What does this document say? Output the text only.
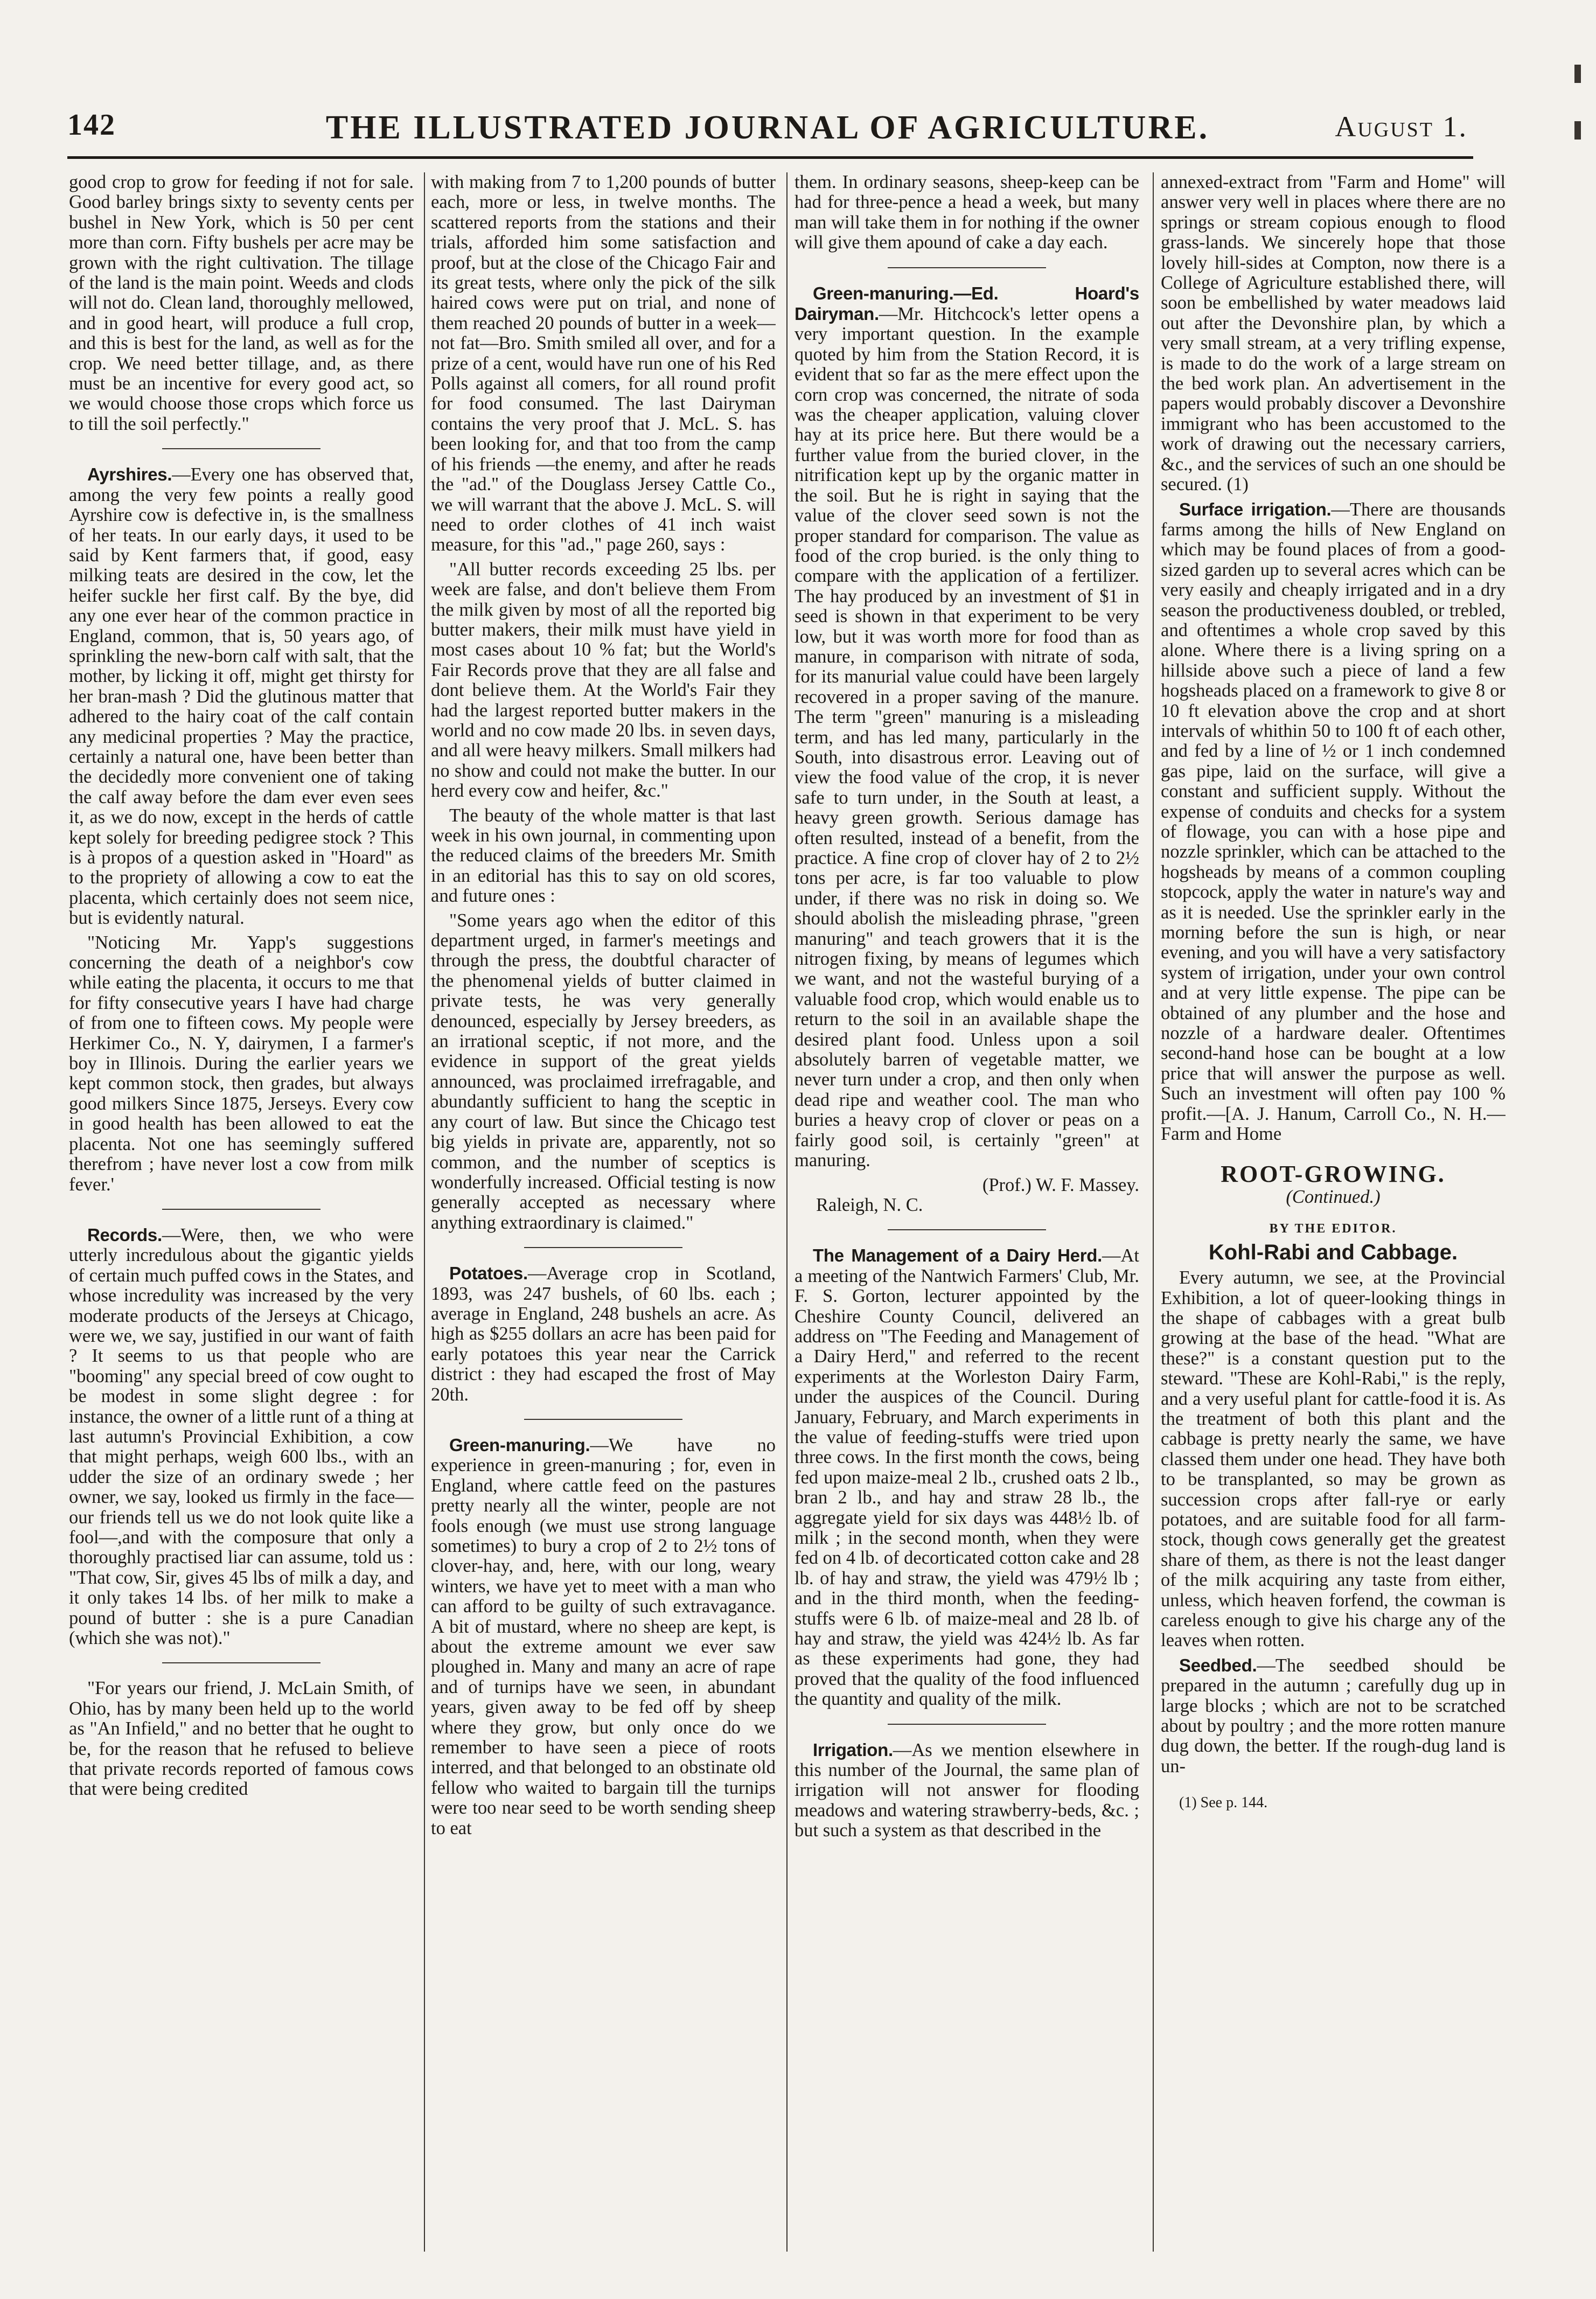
142	THE ILLUSTRATED JOURNAL OF AGRICULTURE.	August 1.

good crop to grow for feeding if not for sale. Good barley brings sixty to seventy cents per bushel in New York, which is 50 per cent more than corn. Fifty bushels per acre may be grown with the right cultivation. The tillage of the land is the main point. Weeds and clods will not do. Clean land, thoroughly mellowed, and in good heart, will produce a full crop, and this is best for the land, as well as for the crop. We need better tillage, and, as there must be an incentive for every good act, so we would choose those crops which force us to till the soil perfectly."

Ayrshires.—Every one has observed that, among the very few points a really good Ayrshire cow is defective in, is the smallness of her teats. In our early days, it used to be said by Kent farmers that, if good, easy milking teats are desired in the cow, let the heifer suckle her first calf. By the bye, did any one ever hear of the common practice in England, common, that is, 50 years ago, of sprinkling the new-born calf with salt, that the mother, by licking it off, might get thirsty for her bran-mash ? Did the glutinous matter that adhered to the hairy coat of the calf contain any medicinal properties ? May the practice, certainly a natural one, have been better than the decidedly more convenient one of taking the calf away before the dam ever even sees it, as we do now, except in the herds of cattle kept solely for breeding pedigree stock ? This is à propos of a question asked in "Hoard" as to the propriety of allowing a cow to eat the placenta, which certainly does not seem nice, but is evidently natural.

"Noticing Mr. Yapp's suggestions concerning the death of a neighbor's cow while eating the placenta, it occurs to me that for fifty consecutive years I have had charge of from one to fifteen cows. My people were Herkimer Co., N. Y, dairymen, I a farmer's boy in Illinois. During the earlier years we kept common stock, then grades, but always good milkers Since 1875, Jerseys. Every cow in good health has been allowed to eat the placenta. Not one has seemingly suffered therefrom ; have never lost a cow from milk fever.'

Records.—Were, then, we who were utterly incredulous about the gigantic yields of certain much puffed cows in the States, and whose incredulity was increased by the very moderate products of the Jerseys at Chicago, were we, we say, justified in our want of faith ? It seems to us that people who are "booming" any special breed of cow ought to be modest in some slight degree : for instance, the owner of a little runt of a thing at last autumn's Provincial Exhibition, a cow that might perhaps, weigh 600 lbs., with an udder the size of an ordinary swede ; her owner, we say, looked us firmly in the face—our friends tell us we do not look quite like a fool—,and with the composure that only a thoroughly practised liar can assume, told us : "That cow, Sir, gives 45 lbs of milk a day, and it only takes 14 lbs. of her milk to make a pound of butter : she is a pure Canadian (which she was not)."

"For years our friend, J. McLain Smith, of Ohio, has by many been held up to the world as "An Infield," and no better that he ought to be, for the reason that he refused to believe that private records reported of famous cows that were being credited

with making from 7 to 1,200 pounds of butter each, more or less, in twelve months. The scattered reports from the stations and their trials, afforded him some satisfaction and proof, but at the close of the Chicago Fair and its great tests, where only the pick of the silk haired cows were put on trial, and none of them reached 20 pounds of butter in a week—not fat—Bro. Smith smiled all over, and for a prize of a cent, would have run one of his Red Polls against all comers, for all round profit for food consumed. The last Dairyman contains the very proof that J. McL. S. has been looking for, and that too from the camp of his friends —the enemy, and after he reads the "ad." of the Douglass Jersey Cattle Co., we will warrant that the above J. McL. S. will need to order clothes of 41 inch waist measure, for this "ad.," page 260, says :

"All butter records exceeding 25 lbs. per week are false, and don't believe them From the milk given by most of all the reported big butter makers, their milk must have yield in most cases about 10 % fat; but the World's Fair Records prove that they are all false and dont believe them. At the World's Fair they had the largest reported butter makers in the world and no cow made 20 lbs. in seven days, and all were heavy milkers. Small milkers had no show and could not make the butter. In our herd every cow and heifer, &c."

The beauty of the whole matter is that last week in his own journal, in commenting upon the reduced claims of the breeders Mr. Smith in an editorial has this to say on old scores, and future ones :

"Some years ago when the editor of this department urged, in farmer's meetings and through the press, the doubtful character of the phenomenal yields of butter claimed in private tests, he was very generally denounced, especially by Jersey breeders, as an irrational sceptic, if not more, and the evidence in support of the great yields announced, was proclaimed irrefragable, and abundantly sufficient to hang the sceptic in any court of law. But since the Chicago test big yields in private are, apparently, not so common, and the number of sceptics is wonderfully increased. Official testing is now generally accepted as necessary where anything extraordinary is claimed."

Potatoes.—Average crop in Scotland, 1893, was 247 bushels, of 60 lbs. each ; average in England, 248 bushels an acre. As high as $255 dollars an acre has been paid for early potatoes this year near the Carrick district : they had escaped the frost of May 20th.

Green-manuring.—We have no experience in green-manuring ; for, even in England, where cattle feed on the pastures pretty nearly all the winter, people are not fools enough (we must use strong language sometimes) to bury a crop of 2 to 2½ tons of clover-hay, and, here, with our long, weary winters, we have yet to meet with a man who can afford to be guilty of such extravagance. A bit of mustard, where no sheep are kept, is about the extreme amount we ever saw ploughed in. Many and many an acre of rape and of turnips have we seen, in abundant years, given away to be fed off by sheep where they grow, but only once do we remember to have seen a piece of roots interred, and that belonged to an obstinate old fellow who waited to bargain till the turnips were too near seed to be worth sending sheep to eat

them. In ordinary seasons, sheep-keep can be had for three-pence a head a week, but many man will take them in for nothing if the owner will give them apound of cake a day each.

Green-manuring.—Ed. Hoard's Dairyman.—Mr. Hitchcock's letter opens a very important question. In the example quoted by him from the Station Record, it is evident that so far as the mere effect upon the corn crop was concerned, the nitrate of soda was the cheaper application, valuing clover hay at its price here. But there would be a further value from the buried clover, in the nitrification kept up by the organic matter in the soil. But he is right in saying that the value of the clover seed sown is not the proper standard for comparison. The value as food of the crop buried. is the only thing to compare with the application of a fertilizer. The hay produced by an investment of $1 in seed is shown in that experiment to be very low, but it was worth more for food than as manure, in comparison with nitrate of soda, for its manurial value could have been largely recovered in a proper saving of the manure. The term "green" manuring is a misleading term, and has led many, particularly in the South, into disastrous error. Leaving out of view the food value of the crop, it is never safe to turn under, in the South at least, a heavy green growth. Serious damage has often resulted, instead of a benefit, from the practice. A fine crop of clover hay of 2 to 2½ tons per acre, is far too valuable to plow under, if there was no risk in doing so. We should abolish the misleading phrase, "green manuring" and teach growers that it is the nitrogen fixing, by means of legumes which we want, and not the wasteful burying of a valuable food crop, which would enable us to return to the soil in an available shape the desired plant food. Unless upon a soil absolutely barren of vegetable matter, we never turn under a crop, and then only when dead ripe and weather cool. The man who buries a heavy crop of clover or peas on a fairly good soil, is certainly "green" at manuring.

(Prof.) W. F. Massey.
Raleigh, N. C.

The Management of a Dairy Herd.—At a meeting of the Nantwich Farmers' Club, Mr. F. S. Gorton, lecturer appointed by the Cheshire County Council, delivered an address on "The Feeding and Management of a Dairy Herd," and referred to the recent experiments at the Worleston Dairy Farm, under the auspices of the Council. During January, February, and March experiments in the value of feeding-stuffs were tried upon three cows. In the first month the cows, being fed upon maize-meal 2 lb., crushed oats 2 lb., bran 2 lb., and hay and straw 28 lb., the aggregate yield for six days was 448½ lb. of milk ; in the second month, when they were fed on 4 lb. of decorticated cotton cake and 28 lb. of hay and straw, the yield was 479½ lb ; and in the third month, when the feeding-stuffs were 6 lb. of maize-meal and 28 lb. of hay and straw, the yield was 424½ lb. As far as these experiments had gone, they had proved that the quality of the food influenced the quantity and quality of the milk.

Irrigation.—As we mention elsewhere in this number of the Journal, the same plan of irrigation will not answer for flooding meadows and watering strawberry-beds, &c. ; but such a system as that described in the

annexed-extract from "Farm and Home" will answer very well in places where there are no springs or stream copious enough to flood grass-lands. We sincerely hope that those lovely hill-sides at Compton, now there is a College of Agriculture established there, will soon be embellished by water meadows laid out after the Devonshire plan, by which a very small stream, at a very trifling expense, is made to do the work of a large stream on the bed work plan. An advertisement in the papers would probably discover a Devonshire immigrant who has been accustomed to the work of drawing out the necessary carriers, &c., and the services of such an one should be secured. (1)

Surface irrigation.—There are thousands farms among the hills of New England on which may be found places of from a good-sized garden up to several acres which can be very easily and cheaply irrigated and in a dry season the productiveness doubled, or trebled, and oftentimes a whole crop saved by this alone. Where there is a living spring on a hillside above such a piece of land a few hogsheads placed on a framework to give 8 or 10 ft elevation above the crop and at short intervals of whithin 50 to 100 ft of each other, and fed by a line of ½ or 1 inch condemned gas pipe, laid on the surface, will give a constant and sufficient supply. Without the expense of conduits and checks for a system of flowage, you can with a hose pipe and nozzle sprinkler, which can be attached to the hogsheads by means of a common coupling stopcock, apply the water in nature's way and as it is needed. Use the sprinkler early in the morning before the sun is high, or near evening, and you will have a very satisfactory system of irrigation, under your own control and at very little expense. The pipe can be obtained of any plumber and the hose and nozzle of a hardware dealer. Oftentimes second-hand hose can be bought at a low price that will answer the purpose as well. Such an investment will often pay 100 % profit.—[A. J. Hanum, Carroll Co., N. H.—Farm and Home

ROOT-GROWING.
(Continued.)
BY THE EDITOR.
Kohl-Rabi and Cabbage.

Every autumn, we see, at the Provincial Exhibition, a lot of queer-looking things in the shape of cabbages with a great bulb growing at the base of the head. "What are these?" is a constant question put to the steward. "These are Kohl-Rabi," is the reply, and a very useful plant for cattle-food it is. As the treatment of both this plant and the cabbage is pretty nearly the same, we have classed them under one head. They have both to be transplanted, so may be grown as succession crops after fall-rye or early potatoes, and are suitable food for all farm-stock, though cows generally get the greatest share of them, as there is not the least danger of the milk acquiring any taste from either, unless, which heaven forfend, the cowman is careless enough to give his charge any of the leaves when rotten.

Seedbed.—The seedbed should be prepared in the autumn ; carefully dug up in large blocks ; which are not to be scratched about by poultry ; and the more rotten manure dug down, the better. If the rough-dug land is un-

(1) See p. 144.
